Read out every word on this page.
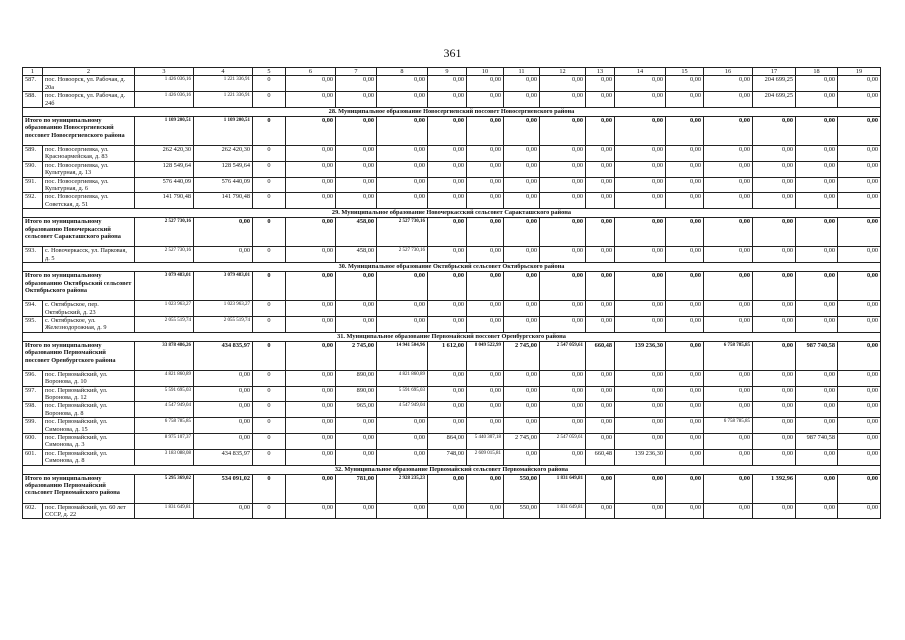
361
1	2	3	4	5	6	7	8	9	10	11	12	13	14	15	16	17	18	19
587.	пос. Новоорск, ул. Рабочая, д. 20а	1 426 036,16	1 221 336,91	0	0,00	0,00	0,00	0,00	0,00	0,00	0,00	0,00	0,00	0,00	0,00	204 699,25	0,00	0,00
588.	пос. Новоорск, ул. Рабочая, д. 24б	1 426 036,16	1 221 336,91	0	0,00	0,00	0,00	0,00	0,00	0,00	0,00	0,00	0,00	0,00	0,00	204 699,25	0,00	0,00
28. Муниципальное образование Новосергиевский поссовет Новосергиевского района																		
Итого по муниципальному образованию Новосергиевский поссовет Новосергиевского района		1 109 200,51	1 109 200,51	0	0,00	0,00	0,00	0,00	0,00	0,00	0,00	0,00	0,00	0,00	0,00	0,00	0,00	0,00
589.	пос. Новосергиевка, ул. Красноармейская, д. 83	262 420,30	262 420,30	0	0,00	0,00	0,00	0,00	0,00	0,00	0,00	0,00	0,00	0,00	0,00	0,00	0,00	0,00
590.	пос. Новосергиевка, ул. Культурная, д. 13	128 549,64	128 549,64	0	0,00	0,00	0,00	0,00	0,00	0,00	0,00	0,00	0,00	0,00	0,00	0,00	0,00	0,00
591.	пос. Новосергиевка, ул. Культурная, д. 6	576 440,09	576 440,09	0	0,00	0,00	0,00	0,00	0,00	0,00	0,00	0,00	0,00	0,00	0,00	0,00	0,00	0,00
592.	пос. Новосергиевка, ул. Советская, д. 51	141 790,48	141 790,48	0	0,00	0,00	0,00	0,00	0,00	0,00	0,00	0,00	0,00	0,00	0,00	0,00	0,00	0,00
29. Муниципальное образование Новочеркасский сельсовет Саракташского района																		
Итого по муниципальному образованию Новочеркасский сельсовет Саракташского района		2 527 730,16	0,00	0	0,00	458,00	2 527 730,16	0,00	0,00	0,00	0,00	0,00	0,00	0,00	0,00	0,00	0,00	0,00
593.	с. Новочеркасск, ул. Парковая, д. 5	2 527 730,16	0,00	0	0,00	458,00	2 527 730,16	0,00	0,00	0,00	0,00	0,00	0,00	0,00	0,00	0,00	0,00	0,00
30. Муниципальное образование Октябрьский сельсовет Октябрьского района																		
Итого по муниципальному образованию Октябрьский сельсовет Октябрьского района		3 079 483,01	3 079 483,01	0	0,00	0,00	0,00	0,00	0,00	0,00	0,00	0,00	0,00	0,00	0,00	0,00	0,00	0,00
594.	с. Октябрьское, пер. Октябрьский, д. 23	1 023 963,27	1 023 963,27	0	0,00	0,00	0,00	0,00	0,00	0,00	0,00	0,00	0,00	0,00	0,00	0,00	0,00	0,00
595.	с. Октябрьское, ул. Железнодорожная, д. 9	2 055 519,74	2 055 519,74	0	0,00	0,00	0,00	0,00	0,00	0,00	0,00	0,00	0,00	0,00	0,00	0,00	0,00	0,00
31. Муниципальное образование Первомайский поссовет Оренбургского района																		
Итого по муниципальному образованию Первомайский поссовет Оренбургского района		33 878 486,26	434 835,97	0	0,00	2 745,00	14 941 504,96	1 612,00	8 049 522,99	2 745,00	2 547 059,61	660,48	139 236,30	0,00	6 758 785,85	0,00	987 740,58	0,00
596.	пос. Первомайский, ул. Воронова, д. 10	4 821 860,89	0,00	0	0,00	890,00	4 821 860,89	0,00	0,00	0,00	0,00	0,00	0,00	0,00	0,00	0,00	0,00	0,00
597.	пос. Первомайский, ул. Воронова, д. 12	5 591 695,03	0,00	0	0,00	890,00	5 591 695,03	0,00	0,00	0,00	0,00	0,00	0,00	0,00	0,00	0,00	0,00	0,00
598.	пос. Первомайский, ул. Воронова, д. 8	4 547 949,04	0,00	0	0,00	965,00	4 547 949,04	0,00	0,00	0,00	0,00	0,00	0,00	0,00	0,00	0,00	0,00	0,00
599.	пос. Первомайский, ул. Симонова, д. 15	6 758 785,85	0,00	0	0,00	0,00	0,00	0,00	0,00	0,00	0,00	0,00	0,00	0,00	6 758 785,85	0,00	0,00	0,00
600.	пос. Первомайский, ул. Симонова, д. 3	8 975 107,37	0,00	0	0,00	0,00	0,00	864,00	5 440 307,18	2 745,00	2 547 059,61	0,00	0,00	0,00	0,00	0,00	987 740,58	0,00
601.	пос. Первомайский, ул. Симонова, д. 8	3 183 088,08	434 835,97	0	0,00	0,00	0,00	748,00	2 609 015,81	0,00	0,00	660,48	139 236,30	0,00	0,00	0,00	0,00	0,00
32. Муниципальное образование Первомайский сельсовет Первомайского района																		
Итого по муниципальному образованию Первомайский сельсовет Первомайского района		5 295 369,02	534 091,02	0	0,00	781,00	2 928 235,23	0,00	0,00	550,00	1 831 649,81	0,00	0,00	0,00	0,00	1 392,96	0,00	0,00
602.	пос. Первомайский, ул. 60 лет СССР, д. 22	1 831 649,81	0,00	0	0,00	0,00	0,00	0,00	0,00	550,00	1 831 649,81	0,00	0,00	0,00	0,00	0,00	0,00	0,00
